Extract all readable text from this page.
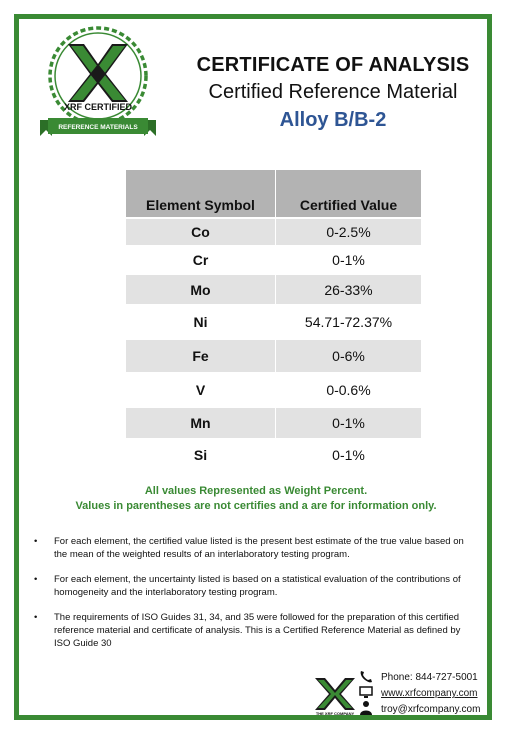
XRF CERTIFIED
REFERENCE MATERIALS
CERTIFICATE OF ANALYSIS
Certified Reference Material
Alloy B/B-2
Element Symbol	Certified Value
Co	0-2.5%
Cr	0-1%
Mo	26-33%
Ni	54.71-72.37%
Fe	0-6%
V	0-0.6%
Mn	0-1%
Si	0-1%
All values Represented as Weight Percent.
Values in parentheses are not certifies and a are for information only.
• For each element, the certified value listed is the present best estimate of the true value based on the mean of the weighted results of an interlaboratory testing program.
• For each element, the uncertainty listed is based on a statistical evaluation of the contributions of homogeneity and the interlaboratory testing program.
• The requirements of ISO Guides 31, 34, and 35 were followed for the preparation of this certified reference material and certificate of analysis. This is a Certified Reference Material as defined by ISO Guide 30
THE XRF COMPANY
Phone: 844-727-5001
www.xrfcompany.com
troy@xrfcompany.com
